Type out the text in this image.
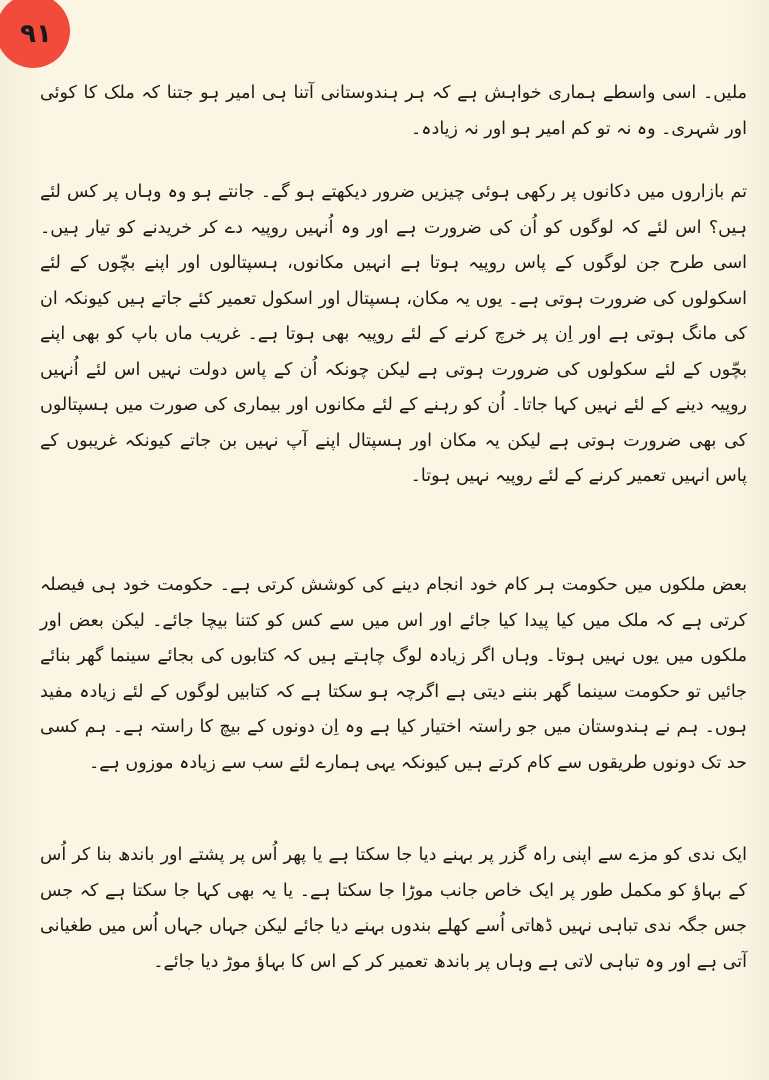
۹۱

ملیں۔ اسی واسطے ہماری خواہش ہے کہ ہر ہندوستانی آتنا ہی امیر ہو جتنا کہ ملک کا کوئی اور شہری۔ وہ نہ تو کم امیر ہو اور نہ زیادہ۔

تم بازاروں میں دکانوں پر رکھی ہوئی چیزیں ضرور دیکھتے ہو گے۔ جانتے ہو وہ وہاں پر کس لئے ہیں؟ اس لئے کہ لوگوں کو اُن کی ضرورت ہے اور وہ اُنہیں روپیہ دے کر خریدنے کو تیار ہیں۔ اسی طرح جن لوگوں کے پاس روپیہ ہوتا ہے انہیں مکانوں، ہسپتالوں اور اپنے بچّوں کے لئے اسکولوں کی ضرورت ہوتی ہے۔ یوں یہ مکان، ہسپتال اور اسکول تعمیر کئے جاتے ہیں کیونکہ ان کی مانگ ہوتی ہے اور اِن پر خرچ کرنے کے لئے روپیہ بھی ہوتا ہے۔ غریب ماں باپ کو بھی اپنے بچّوں کے لئے سکولوں کی ضرورت ہوتی ہے لیکن چونکہ اُن کے پاس دولت نہیں اس لئے اُنہیں روپیہ دینے کے لئے نہیں کہا جاتا۔ اُن کو رہنے کے لئے مکانوں اور بیماری کی صورت میں ہسپتالوں کی بھی ضرورت ہوتی ہے لیکن یہ مکان اور ہسپتال اپنے آپ نہیں بن جاتے کیونکہ غریبوں کے پاس انہیں تعمیر کرنے کے لئے روپیہ نہیں ہوتا۔

بعض ملکوں میں حکومت ہر کام خود انجام دینے کی کوشش کرتی ہے۔ حکومت خود ہی فیصلہ کرتی ہے کہ ملک میں کیا پیدا کیا جائے اور اس میں سے کس کو کتنا بیچا جائے۔ لیکن بعض اور ملکوں میں یوں نہیں ہوتا۔ وہاں اگر زیادہ لوگ چاہتے ہیں کہ کتابوں کی بجائے سینما گھر بنائے جائیں تو حکومت سینما گھر بننے دیتی ہے اگرچہ ہو سکتا ہے کہ کتابیں لوگوں کے لئے زیادہ مفید ہوں۔ ہم نے ہندوستان میں جو راستہ اختیار کیا ہے وہ اِن دونوں کے بیچ کا راستہ ہے۔ ہم کسی حد تک دونوں طریقوں سے کام کرتے ہیں کیونکہ یہی ہمارے لئے سب سے زیادہ موزوں ہے۔

ایک ندی کو مزے سے اپنی راہ گزر پر بہنے دیا جا سکتا ہے یا پھر اُس پر پشتے اور باندھ بنا کر اُس کے بہاؤ کو مکمل طور پر ایک خاص جانب موڑا جا سکتا ہے۔ یا یہ بھی کہا جا سکتا ہے کہ جس جس جگہ ندی تباہی نہیں ڈھاتی اُسے کھلے بندوں بہنے دیا جائے لیکن جہاں جہاں اُس میں طغیانی آتی ہے اور وہ تباہی لاتی ہے وہاں پر باندھ تعمیر کر کے اس کا بہاؤ موڑ دیا جائے۔
